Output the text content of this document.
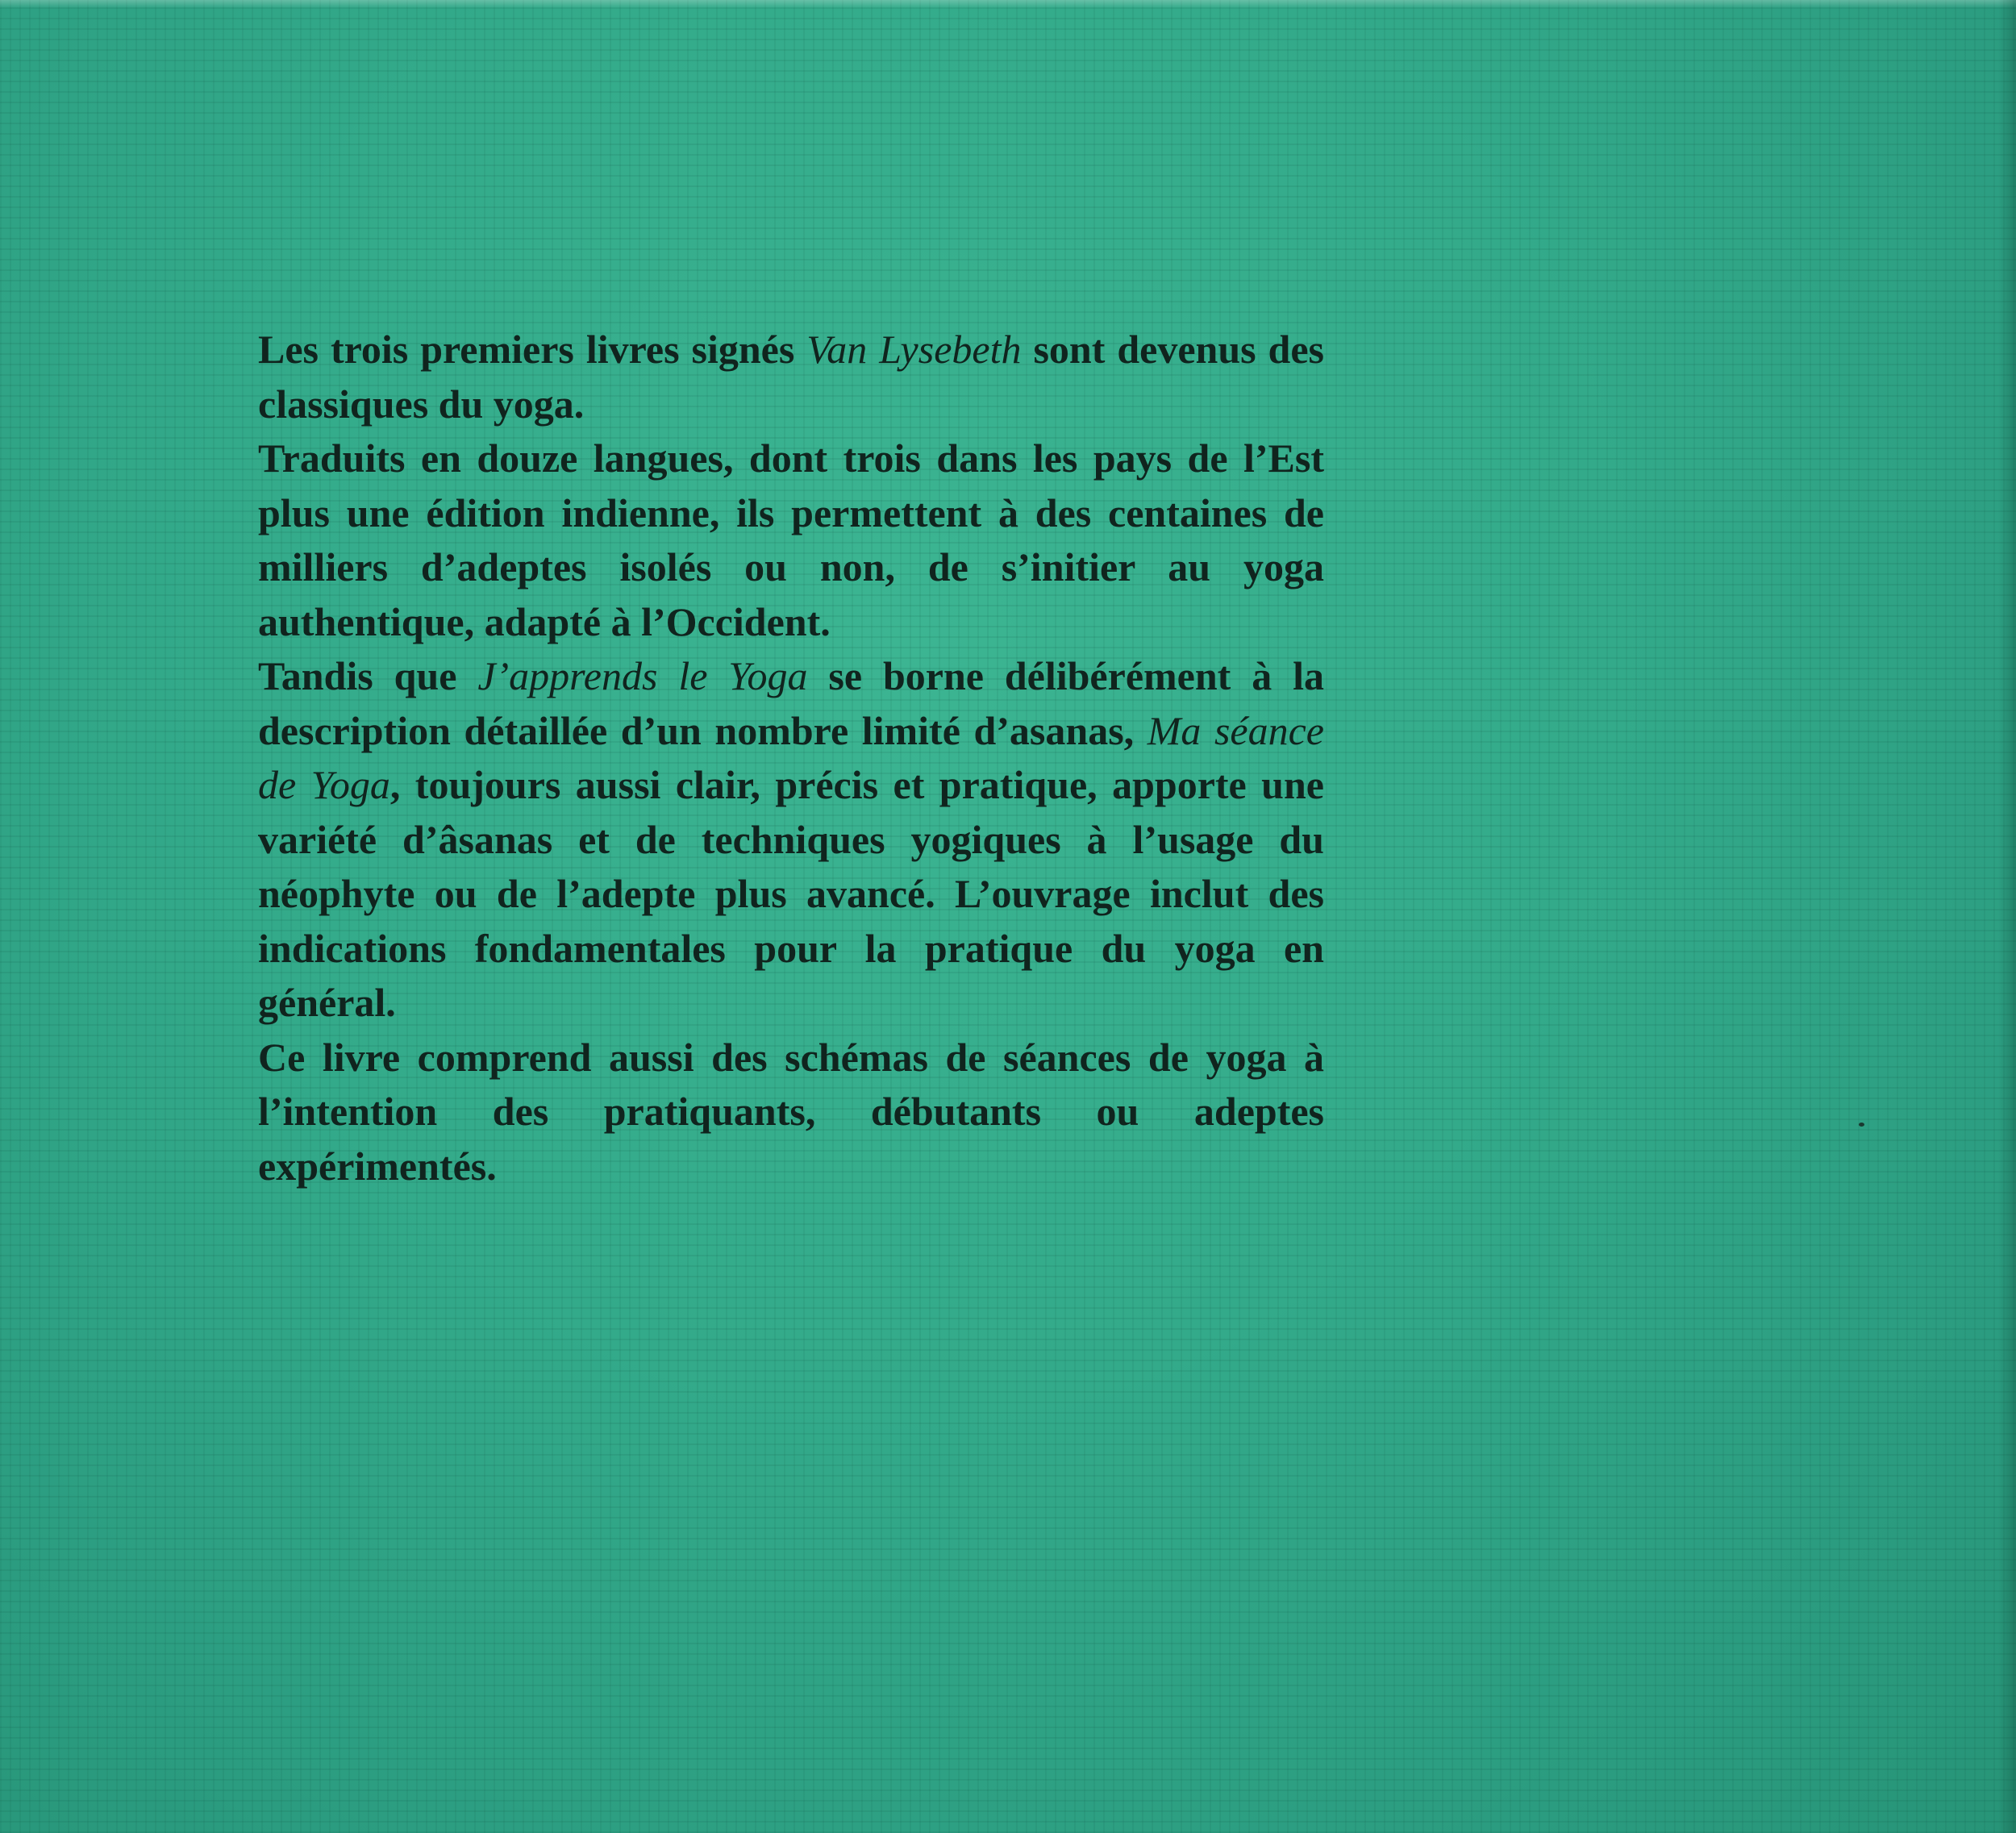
Les trois premiers livres signés Van Lysebeth sont devenus des classiques du yoga.

Traduits en douze langues, dont trois dans les pays de l’Est plus une édition indienne, ils permettent à des centaines de milliers d’adeptes isolés ou non, de s’initier au yoga authentique, adapté à l’Occident.

Tandis que J’apprends le Yoga se borne délibérément à la description détaillée d’un nombre limité d’asanas, Ma séance de Yoga, toujours aussi clair, précis et pratique, apporte une variété d’âsanas et de techniques yogiques à l’usage du néophyte ou de l’adepte plus avancé. L’ouvrage inclut des indications fondamentales pour la pratique du yoga en général.

Ce livre comprend aussi des schémas de séances de yoga à l’intention des pratiquants, débutants ou adeptes expérimentés.
